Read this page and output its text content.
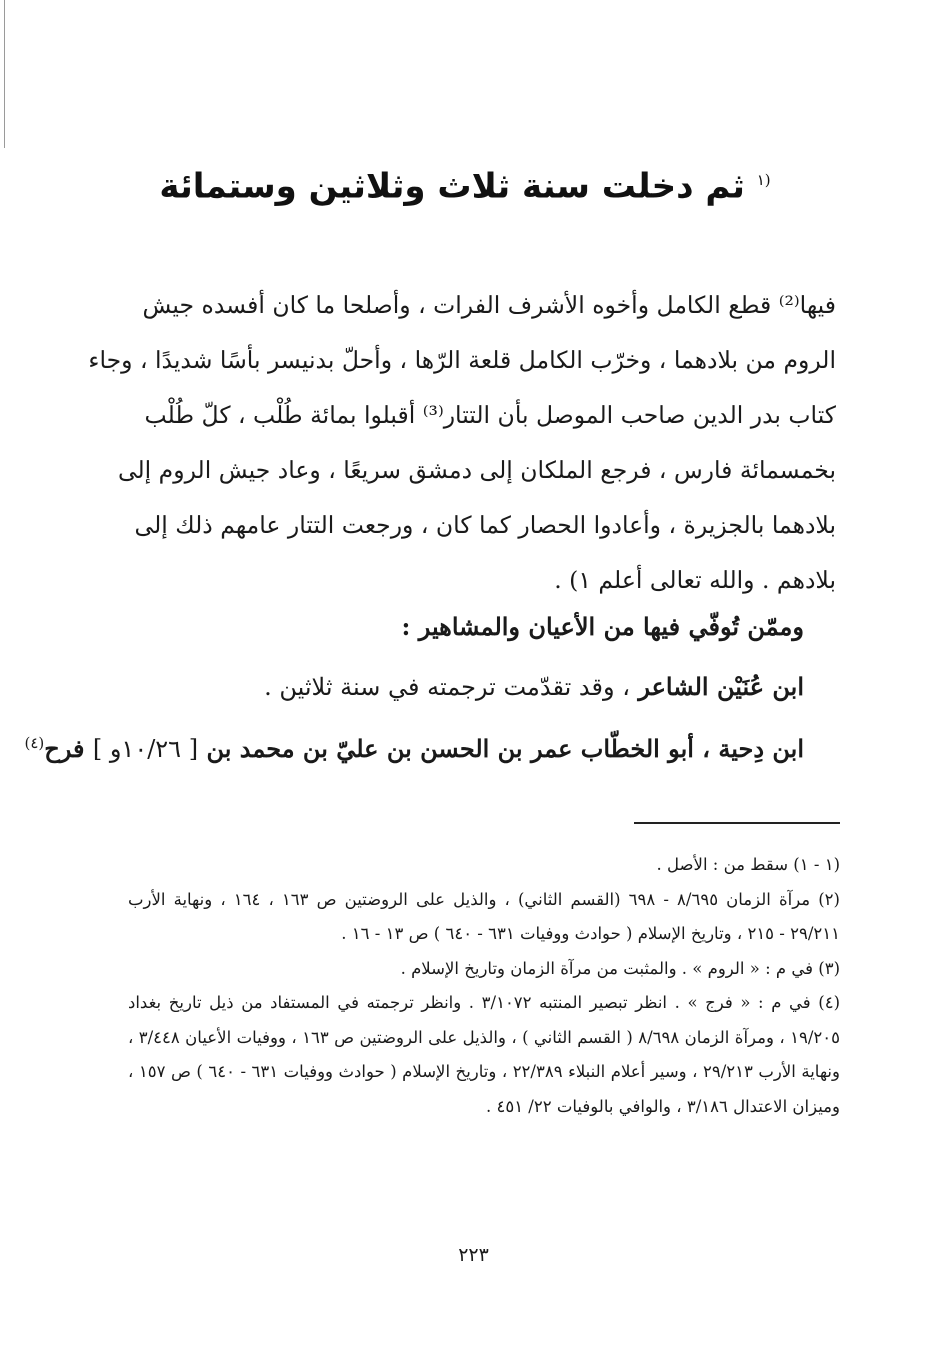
$^{(١}$ ثم دخلت سنة ثلاث وثلاثين وستمائة
فيها⁽²⁾ قطع الكامل وأخوه الأشرف الفرات ، وأصلحا ما كان أفسده جيش
الروم من بلادهما ، وخرّب الكامل قلعة الرّها ، وأحلّ بدنيسر بأسًا شديدًا ، وجاء
كتاب بدر الدين صاحب الموصل بأن التتار⁽³⁾ أقبلوا بمائة طُلْب ، كلّ طُلْب
بخمسمائة فارس ، فرجع الملكان إلى دمشق سريعًا ، وعاد جيش الروم إلى
بلادهما بالجزيرة ، وأعادوا الحصار كما كان ، ورجعت التتار عامهم ذلك إلى
بلادهم . والله تعالى أعلم ١) .
وممّن تُوفّي فيها من الأعيان والمشاهير :
ابن عُنَيْن الشاعر ، وقد تقدّمت ترجمته في سنة ثلاثين .
ابن دِحية ، أبو الخطّاب عمر بن الحسن بن عليّ بن محمد بن [ ١٠/٢٦و ] فرح$^{(٤)}$
(١ - ١) سقط من : الأصل .
(٢) مرآة الزمان ٨/٦٩٥ - ٦٩٨ (القسم الثاني) ، والذيل على الروضتين ص ١٦٣ ، ١٦٤ ، ونهاية الأرب ٢٩/٢١١ - ٢١٥ ، وتاريخ الإسلام ( حوادث ووفيات ٦٣١ - ٦٤٠ ) ص ١٣ - ١٦ .
(٣) في م : « الروم » . والمثبت من مرآة الزمان وتاريخ الإسلام .
(٤) في م : « فرج » . انظر تبصير المنتبه ٣/١٠٧٢ . وانظر ترجمته في المستفاد من ذيل تاريخ بغداد ١٩/٢٠٥ ، ومرآة الزمان ٨/٦٩٨ ( القسم الثاني ) ، والذيل على الروضتين ص ١٦٣ ، ووفيات الأعيان ٣/٤٤٨ ، ونهاية الأرب ٢٩/٢١٣ ، وسير أعلام النبلاء ٢٢/٣٨٩ ، وتاريخ الإسلام ( حوادث ووفيات ٦٣١ - ٦٤٠ ) ص ١٥٧ ، وميزان الاعتدال ٣/١٨٦ ، والوافي بالوفيات ٢٢/ ٤٥١ .
٢٢٣
